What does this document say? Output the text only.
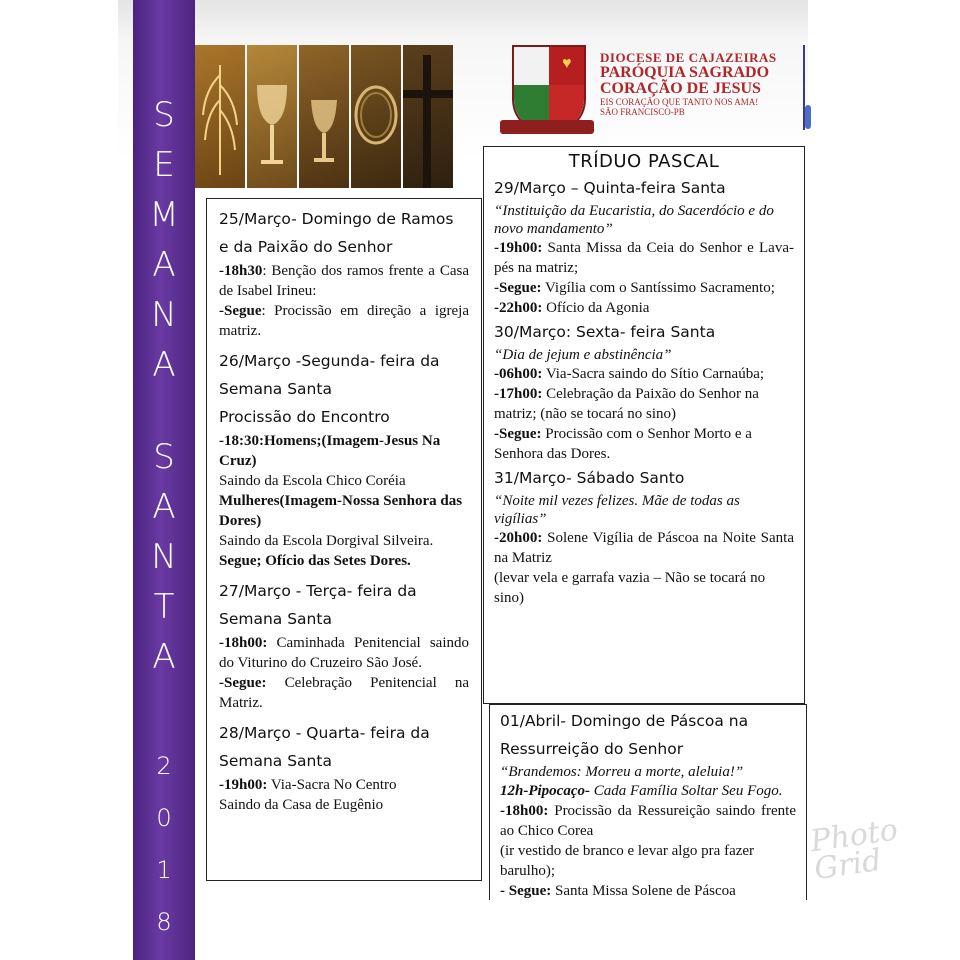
S
E
M
A
N
A
S
A
N
T
A
2
0
1
8
♥ DIOCESE DE CAJAZEIRAS
PARÓQUIA SAGRADO
CORAÇÃO DE JESUS
EIS CORAÇÃO QUE TANTO NOS AMA!
SÃO FRANCISCO-PB
25/Março- Domingo de Ramos
e da Paixão do Senhor
-18h30: Benção dos ramos frente a Casa de Isabel Irineu:
-Segue: Procissão em direção a igreja matriz.
26/Março -Segunda- feira da
Semana Santa
Procissão do Encontro
-18:30:Homens;(Imagem-Jesus Na Cruz)
Saindo da Escola Chico Coréia
Mulheres(Imagem-Nossa Senhora das Dores)
Saindo da Escola Dorgival Silveira.
Segue; Ofício das Setes Dores.
27/Março - Terça- feira da
Semana Santa
-18h00: Caminhada Penitencial saindo do Viturino do Cruzeiro São José.
-Segue: Celebração Penitencial na Matriz.
28/Março - Quarta- feira da
Semana Santa
-19h00: Via-Sacra No Centro
Saindo da Casa de Eugênio
TRÍDUO PASCAL
29/Março – Quinta-feira Santa
“Instituição da Eucaristia, do Sacerdócio e do novo mandamento”
-19h00: Santa Missa da Ceia do Senhor e Lava-pés na matriz;
-Segue: Vigília com o Santíssimo Sacramento;
-22h00: Ofício da Agonia
30/Março: Sexta- feira Santa
“Dia de jejum e abstinência”
-06h00: Via-Sacra saindo do Sítio Carnaúba;
-17h00: Celebração da Paixão do Senhor na matriz; (não se tocará no sino)
-Segue: Procissão com o Senhor Morto e a Senhora das Dores.
31/Março- Sábado Santo
“Noite mil vezes felizes. Mãe de todas as vigílias”
-20h00: Solene Vigília de Páscoa na Noite Santa na Matriz
(levar vela e garrafa vazia – Não se tocará no sino)
01/Abril- Domingo de Páscoa na
Ressurreição do Senhor
“Brandemos: Morreu a morte, aleluia!”
12h-Pipocaço- Cada Família Soltar Seu Fogo.
-18h00: Procissão da Ressureição saindo frente ao Chico Corea
(ir vestido de branco e levar algo pra fazer barulho);
- Segue: Santa Missa Solene de Páscoa
Photo Grid
